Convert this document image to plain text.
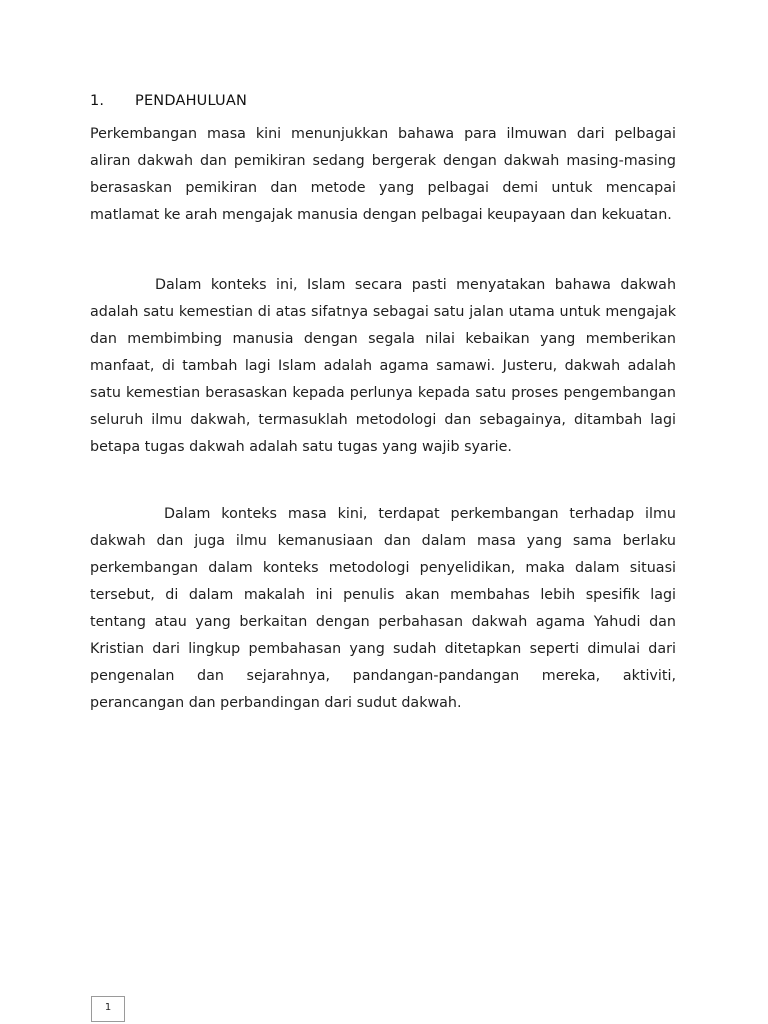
1. PENDAHULUAN

Perkembangan masa kini menunjukkan bahawa para ilmuwan dari pelbagai aliran dakwah dan pemikiran sedang bergerak dengan dakwah masing-masing berasaskan pemikiran dan metode yang pelbagai demi untuk mencapai matlamat ke arah mengajak manusia dengan pelbagai keupayaan dan kekuatan.

Dalam konteks ini, Islam secara pasti menyatakan bahawa dakwah adalah satu kemestian di atas sifatnya sebagai satu jalan utama untuk mengajak dan membimbing manusia dengan segala nilai kebaikan yang memberikan manfaat, di tambah lagi Islam adalah agama samawi. Justeru, dakwah adalah satu kemestian berasaskan kepada perlunya kepada satu proses pengembangan seluruh ilmu dakwah, termasuklah metodologi dan sebagainya, ditambah lagi betapa tugas dakwah adalah satu tugas yang wajib syarie.

Dalam konteks masa kini, terdapat perkembangan terhadap ilmu dakwah dan juga ilmu kemanusiaan dan dalam masa yang sama berlaku perkembangan dalam konteks metodologi penyelidikan, maka dalam situasi tersebut, di dalam makalah ini penulis akan membahas lebih spesifik lagi tentang atau yang berkaitan dengan perbahasan dakwah agama Yahudi dan Kristian dari lingkup pembahasan yang sudah ditetapkan seperti dimulai dari pengenalan dan sejarahnya, pandangan-pandangan mereka, aktiviti, perancangan dan perbandingan dari sudut dakwah.

1
